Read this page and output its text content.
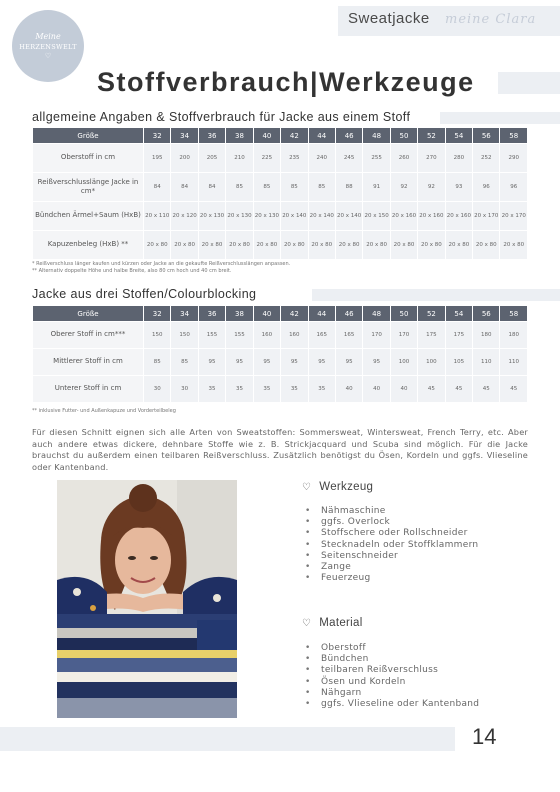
Meine
HERZENSWELT
♡
Sweatjacke meine Clara
Stoffverbrauch|Werkzeuge
allgemeine Angaben & Stoffverbrauch für Jacke aus einem Stoff
Größe	32	34	36	38	40	42	44	46	48	50	52	54	56	58
Oberstoff in cm	195	200	205	210	225	235	240	245	255	260	270	280	252	290
Reißverschlusslänge Jacke in cm*	84	84	84	85	85	85	85	88	91	92	92	93	96	96
Bündchen Ärmel+Saum (HxB)	20 x 110	20 x 120	20 x 130	20 x 130	20 x 130	20 x 140	20 x 140	20 x 140	20 x 150	20 x 160	20 x 160	20 x 160	20 x 170	20 x 170
Kapuzenbeleg (HxB) **	20 x 80	20 x 80	20 x 80	20 x 80	20 x 80	20 x 80	20 x 80	20 x 80	20 x 80	20 x 80	20 x 80	20 x 80	20 x 80	20 x 80
* Reißverschluss länger kaufen und kürzen oder Jacke an die gekaufte Reißverschlusslängen anpassen.
** Alternativ doppelte Höhe und halbe Breite, also 80 cm hoch und 40 cm breit.
Jacke aus drei Stoffen/Colourblocking
Größe	32	34	36	38	40	42	44	46	48	50	52	54	56	58
Oberer Stoff in cm***	150	150	155	155	160	160	165	165	170	170	175	175	180	180
Mittlerer Stoff in cm	85	85	95	95	95	95	95	95	95	100	100	105	110	110
Unterer Stoff in cm	30	30	35	35	35	35	35	40	40	40	45	45	45	45
** inklusive Futter- und Außenkapuze und Vorderteilbeleg

Für diesen Schnitt eignen sich alle Arten von Sweatstoffen: Sommersweat, Wintersweat, French Terry, etc. Aber auch andere etwas dickere, dehnbare Stoffe wie z. B. Strickjacquard und Scuba sind möglich. Für die Jacke brauchst du außerdem einen teilbaren Reißverschluss. Zusätzlich benötigst du Ösen, Kordeln und ggfs. Vlieseline oder Kantenband.

♡ Werkzeug
• Nähmaschine
• ggfs. Overlock
• Stoffschere oder Rollschneider
• Stecknadeln oder Stoffklammern
• Seitenschneider
• Zange
• Feuerzeug
♡ Material
• Oberstoff
• Bündchen
• teilbaren Reißverschluss
• Ösen und Kordeln
• Nähgarn
• ggfs. Vlieseline oder Kantenband
14
